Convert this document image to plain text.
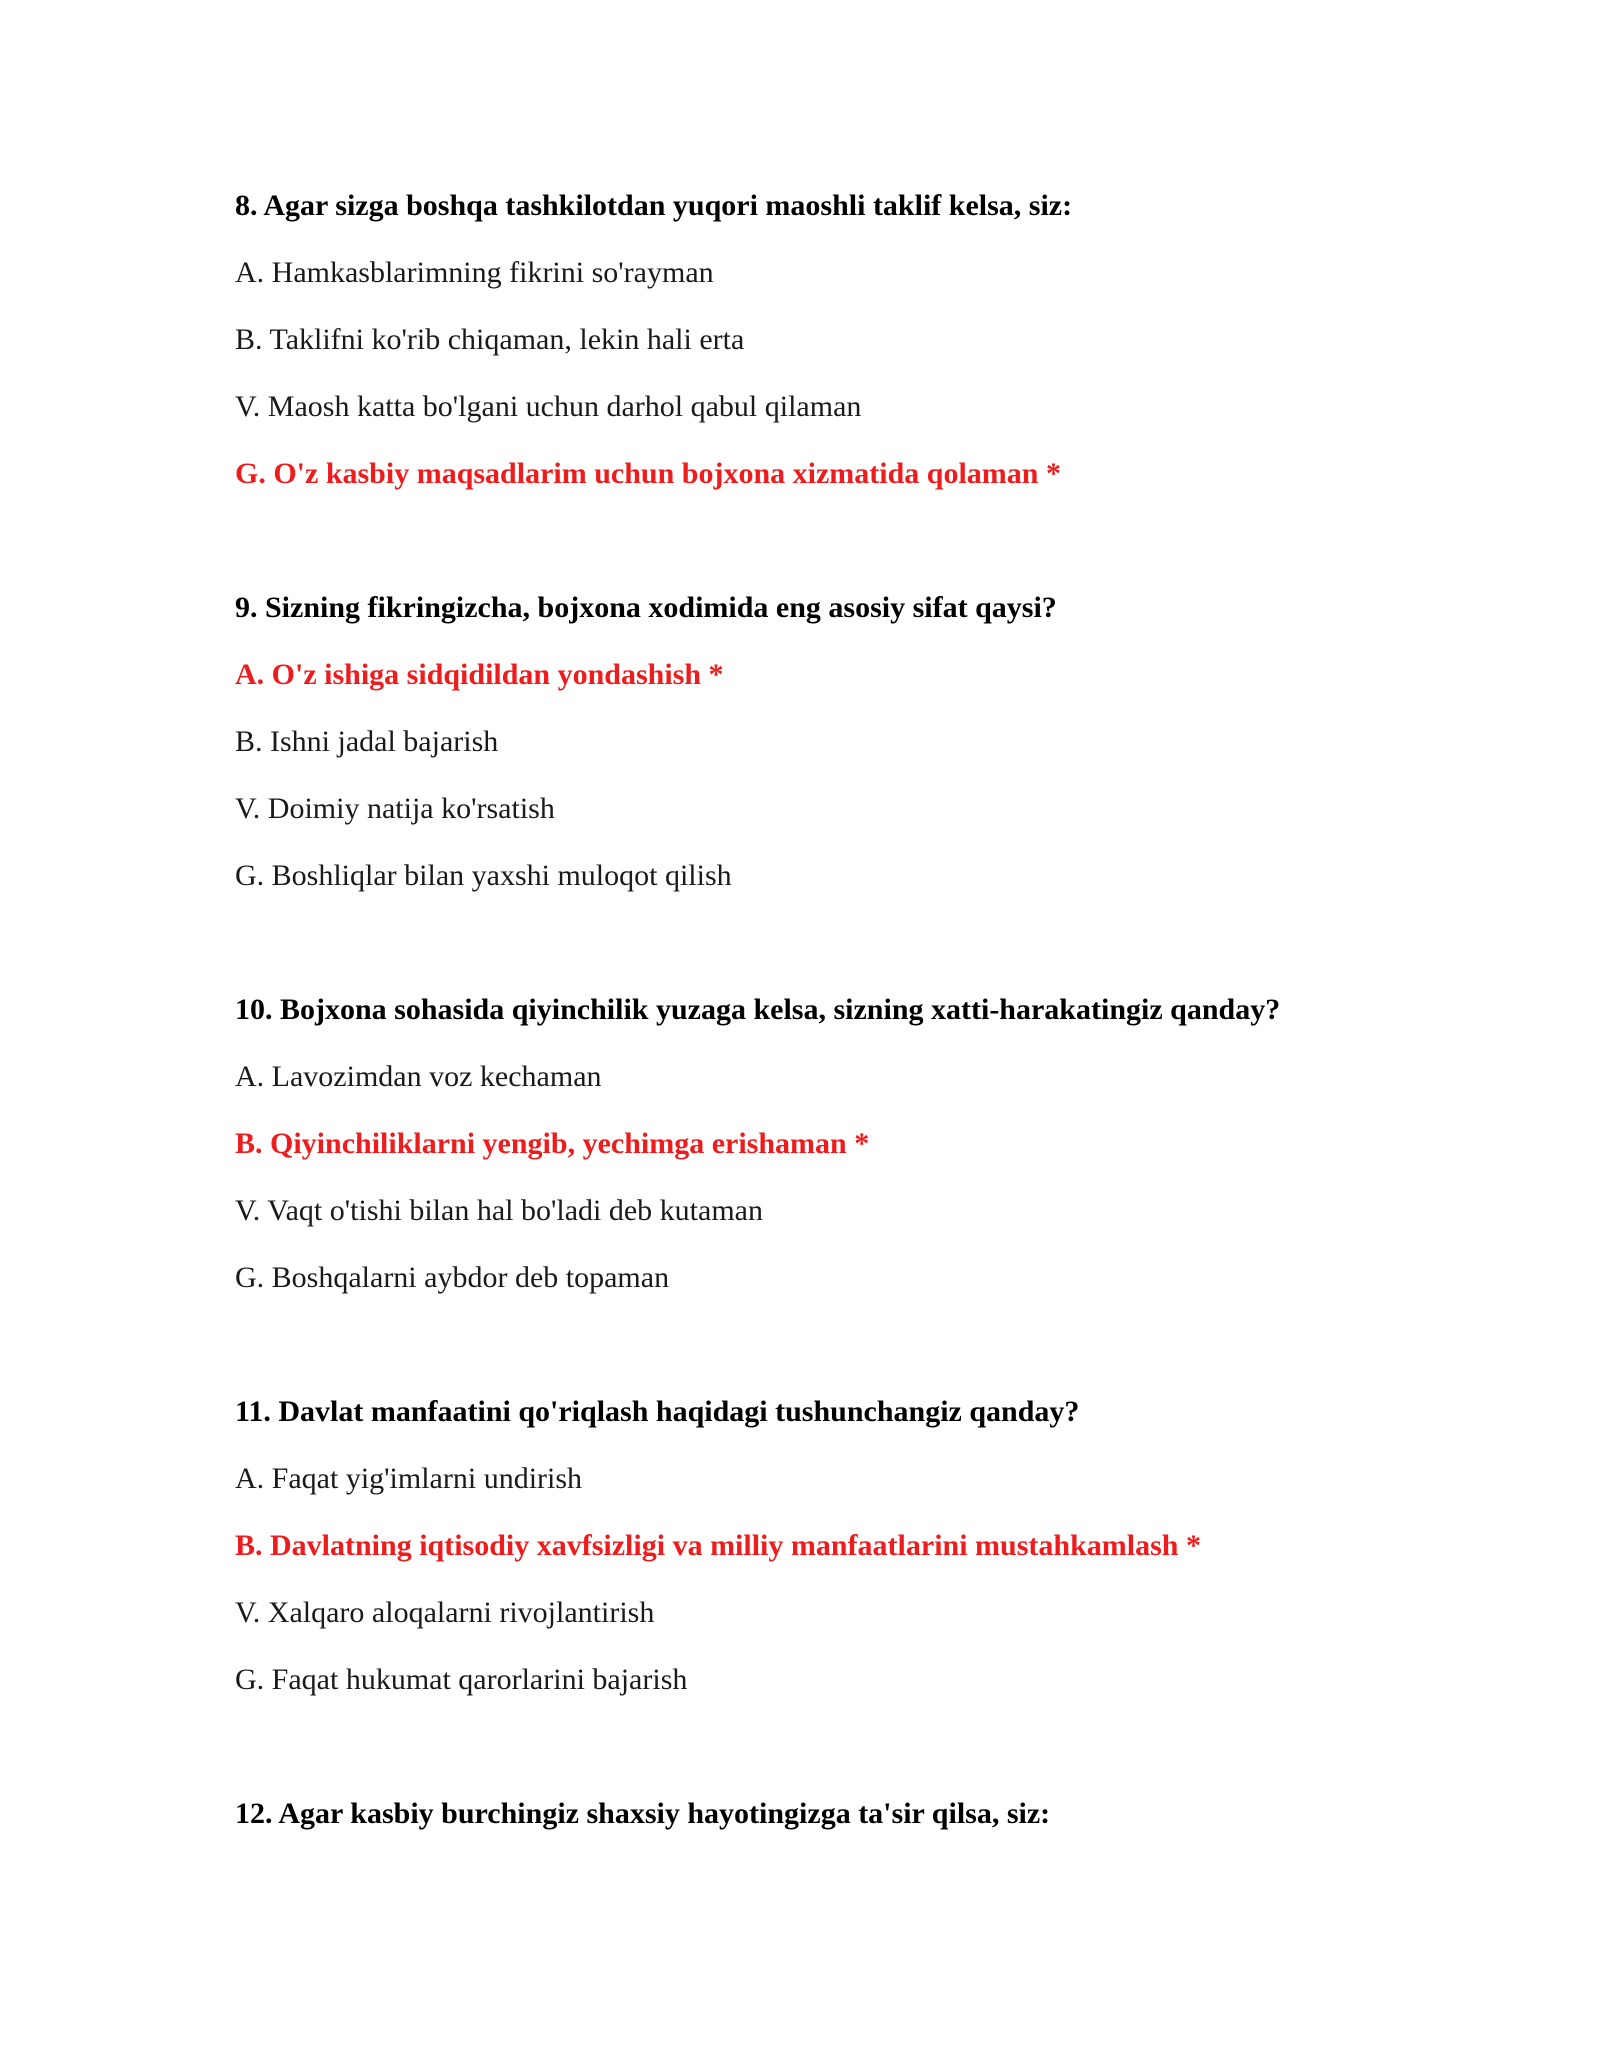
8. Agar sizga boshqa tashkilotdan yuqori maoshli taklif kelsa, siz:
A. Hamkasblarimning fikrini so'rayman
B. Taklifni ko'rib chiqaman, lekin hali erta
V. Maosh katta bo'lgani uchun darhol qabul qilaman
G. O'z kasbiy maqsadlarim uchun bojxona xizmatida qolaman *
9. Sizning fikringizcha, bojxona xodimida eng asosiy sifat qaysi?
A. O'z ishiga sidqidildan yondashish *
B. Ishni jadal bajarish
V. Doimiy natija ko'rsatish
G. Boshliqlar bilan yaxshi muloqot qilish
10. Bojxona sohasida qiyinchilik yuzaga kelsa, sizning xatti-harakatingiz qanday?
A. Lavozimdan voz kechaman
B. Qiyinchiliklarni yengib, yechimga erishaman *
V. Vaqt o'tishi bilan hal bo'ladi deb kutaman
G. Boshqalarni aybdor deb topaman
11. Davlat manfaatini qo'riqlash haqidagi tushunchangiz qanday?
A. Faqat yig'imlarni undirish
B. Davlatning iqtisodiy xavfsizligi va milliy manfaatlarini mustahkamlash *
V. Xalqaro aloqalarni rivojlantirish
G. Faqat hukumat qarorlarini bajarish
12. Agar kasbiy burchingiz shaxsiy hayotingizga ta'sir qilsa, siz:
